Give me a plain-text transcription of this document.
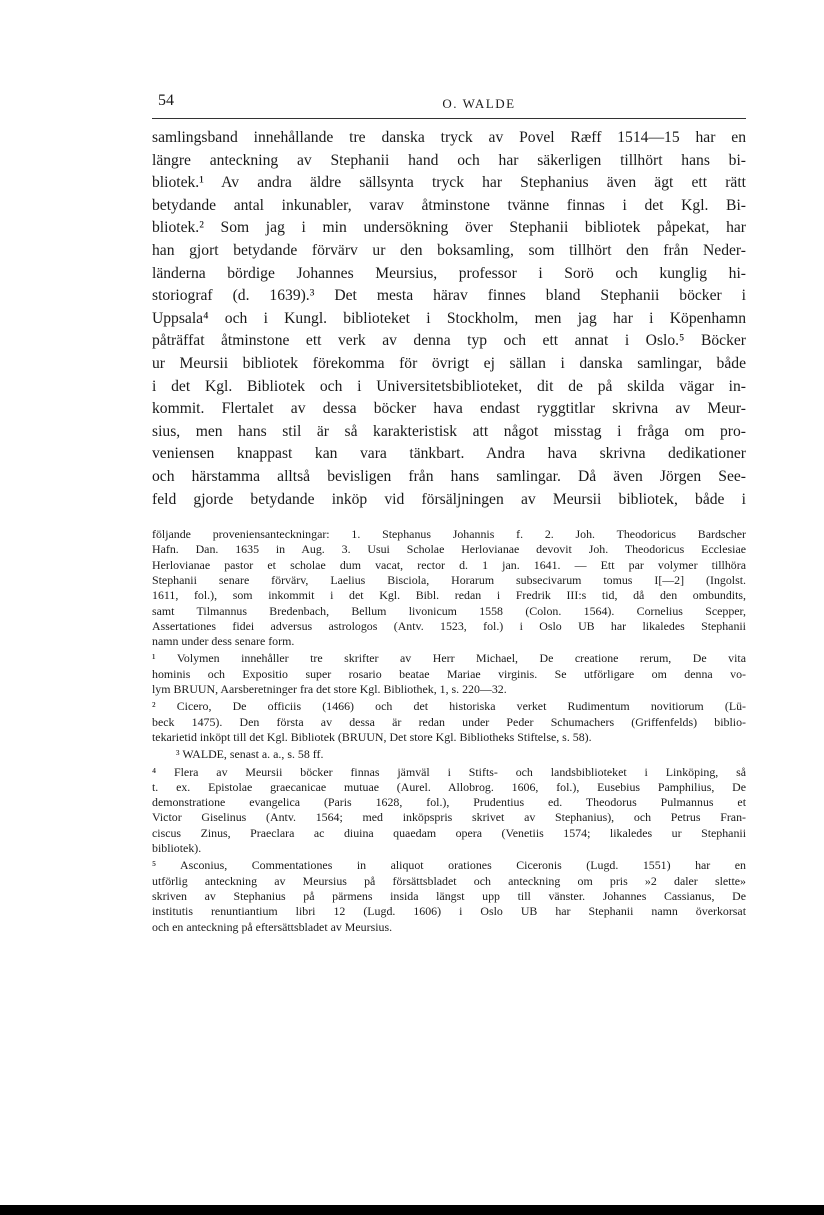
54	O. WALDE

samlingsband innehållande tre danska tryck av Povel Ræff 1514—15 har en

längre anteckning av Stephanii hand och har säkerligen tillhört hans bi-

bliotek.¹ Av andra äldre sällsynta tryck har Stephanius även ägt ett rätt

betydande antal inkunabler, varav åtminstone tvänne finnas i det Kgl. Bi-

bliotek.² Som jag i min undersökning över Stephanii bibliotek påpekat, har

han gjort betydande förvärv ur den boksamling, som tillhört den från Neder-

länderna bördige Johannes Meursius, professor i Sorö och kunglig hi-

storiograf (d. 1639).³ Det mesta härav finnes bland Stephanii böcker i

Uppsala⁴ och i Kungl. biblioteket i Stockholm, men jag har i Köpenhamn

påträffat åtminstone ett verk av denna typ och ett annat i Oslo.⁵ Böcker

ur Meursii bibliotek förekomma för övrigt ej sällan i danska samlingar, både

i det Kgl. Bibliotek och i Universitetsbiblioteket, dit de på skilda vägar in-

kommit. Flertalet av dessa böcker hava endast ryggtitlar skrivna av Meur-

sius, men hans stil är så karakteristisk att något misstag i fråga om pro-

veniensen knappast kan vara tänkbart. Andra hava skrivna dedikationer

och härstamma alltså bevisligen från hans samlingar. Då även Jörgen See-

feld gjorde betydande inköp vid försäljningen av Meursii bibliotek, både i

följande proveniensanteckningar: 1. Stephanus Johannis f. 2. Joh. Theodoricus Bardscher

Hafn. Dan. 1635 in Aug. 3. Usui Scholae Herlovianae devovit Joh. Theodoricus Ecclesiae

Herlovianae pastor et scholae dum vacat, rector d. 1 jan. 1641. — Ett par volymer tillhöra

Stephanii senare förvärv, Laelius Bisciola, Horarum subsecivarum tomus I[—2] (Ingolst.

1611, fol.), som inkommit i det Kgl. Bibl. redan i Fredrik III:s tid, då den ombundits,

samt Tilmannus Bredenbach, Bellum livonicum 1558 (Colon. 1564). Cornelius Scepper,

Assertationes fidei adversus astrologos (Antv. 1523, fol.) i Oslo UB har likaledes Stephanii

namn under dess senare form.

¹ Volymen innehåller tre skrifter av Herr Michael, De creatione rerum, De vita

hominis och Expositio super rosario beatae Mariae virginis. Se utförligare om denna vo-

lym BRUUN, Aarsberetninger fra det store Kgl. Bibliothek, 1, s. 220—32.

² Cicero, De officiis (1466) och det historiska verket Rudimentum novitiorum (Lü-

beck 1475). Den första av dessa är redan under Peder Schumachers (Griffenfelds) biblio-

tekarietid inköpt till det Kgl. Bibliotek (BRUUN, Det store Kgl. Bibliotheks Stiftelse, s. 58).

³ WALDE, senast a. a., s. 58 ff.

⁴ Flera av Meursii böcker finnas jämväl i Stifts- och landsbiblioteket i Linköping, så

t. ex. Epistolae graecanicae mutuae (Aurel. Allobrog. 1606, fol.), Eusebius Pamphilius, De

demonstratione evangelica (Paris 1628, fol.), Prudentius ed. Theodorus Pulmannus et

Victor Giselinus (Antv. 1564; med inköpspris skrivet av Stephanius), och Petrus Fran-

ciscus Zinus, Praeclara ac diuina quaedam opera (Venetiis 1574; likaledes ur Stephanii

bibliotek).

⁵ Asconius, Commentationes in aliquot orationes Ciceronis (Lugd. 1551) har en

utförlig anteckning av Meursius på försättsbladet och anteckning om pris »2 daler slette»

skriven av Stephanius på pärmens insida längst upp till vänster. Johannes Cassianus, De

institutis renuntiantium libri 12 (Lugd. 1606) i Oslo UB har Stephanii namn överkorsat

och en anteckning på eftersättsbladet av Meursius.
